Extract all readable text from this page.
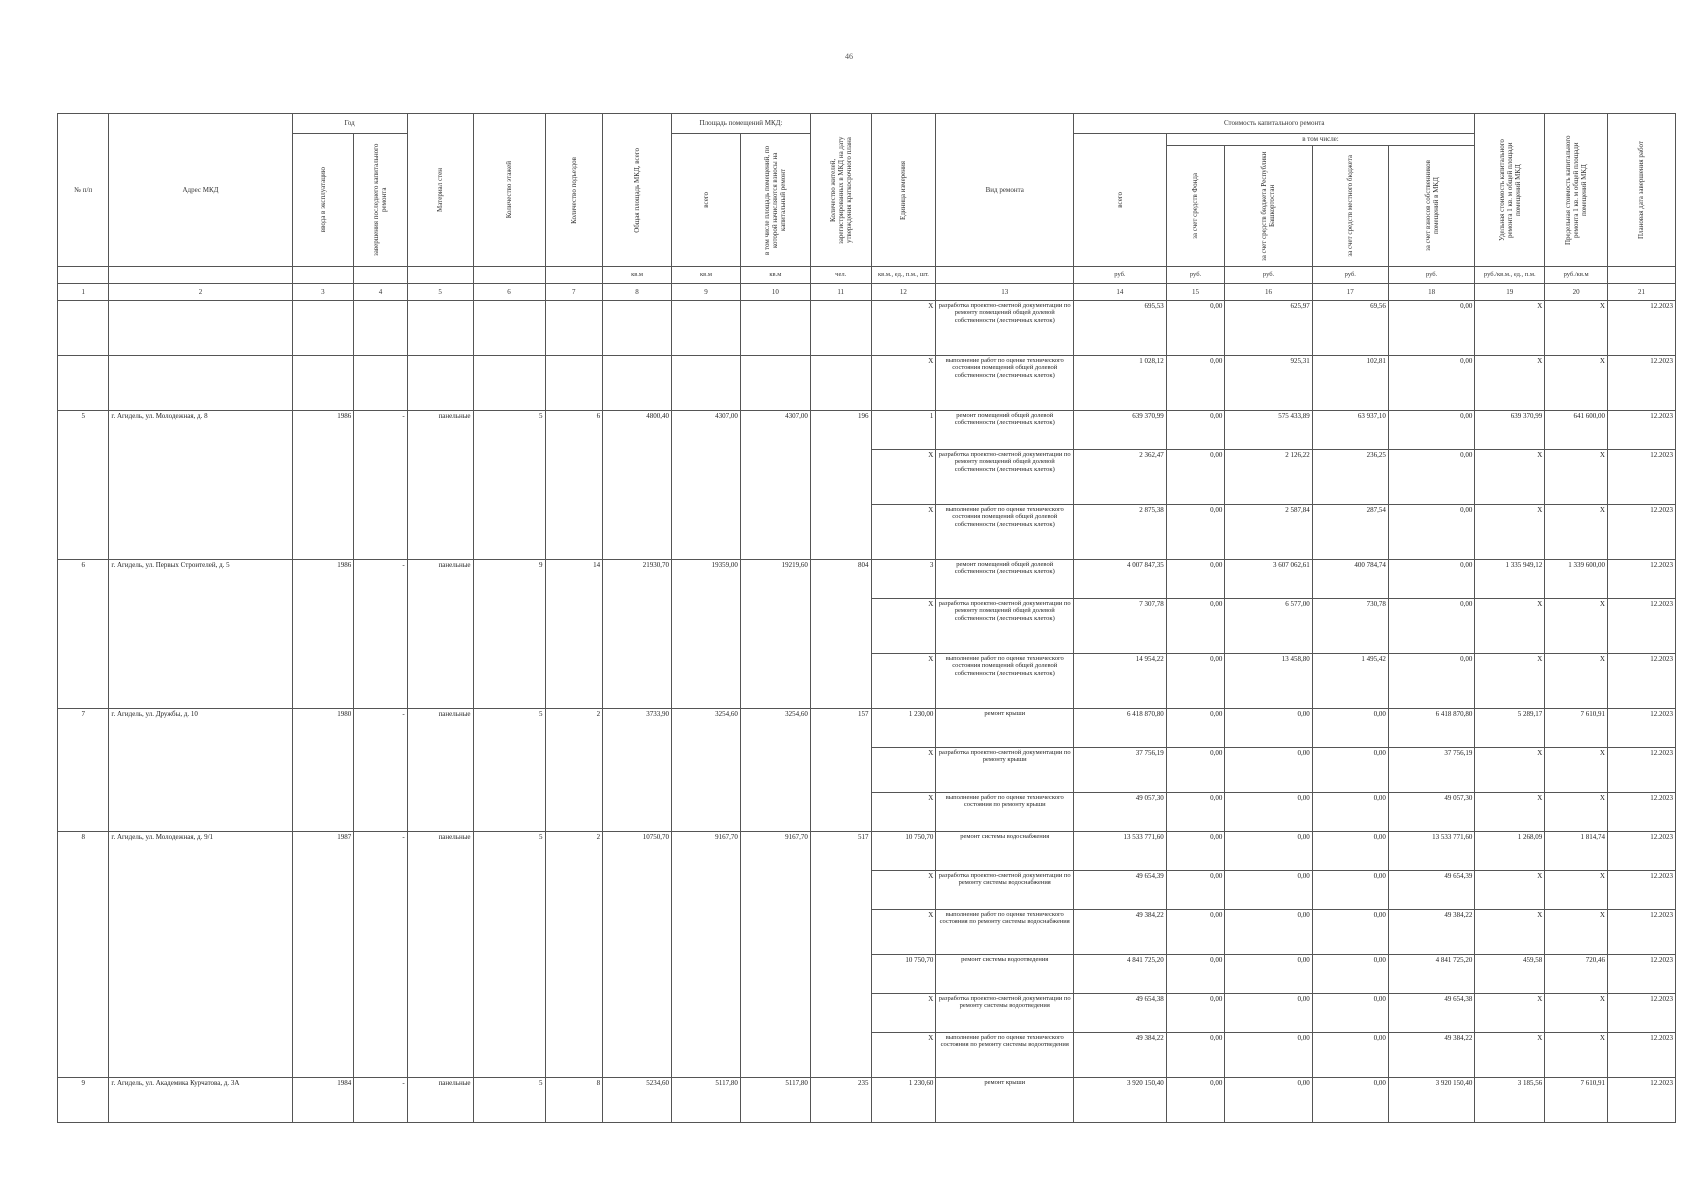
46
№ п/п	Адрес МКД	Год		Материал стен	Количество этажей	Количество подъездов	Общая площадь МКД, всего	Площадь помещений МКД:		Количество жителей, зарегистрированных в МКД на дату утверждения краткосрочного плана	Единица измерения	Вид ремонта	Стоимость капитального ремонта					Удельная стоимость капитального ремонта 1 кв. м общей площади помещений МКД	Предельная стоимость капитального ремонта 1 кв. м общей площади помещений МКД	Плановая дата завершения работ

		ввода в эксплуатацию	завершения последнего капитального ремонта					всего	в том числе площадь помещений, по которой начисляются взносы на капитальный ремонт				всего	в том числе:						

														за счет средств Фонда	за счет средств бюджета Республики Башкортостан	за счет средств местного бюджета	за счет взносов собственников помещений в МКД			

							кв.м	кв.м	кв.м	чел.	кв.м., ед., п.м., шт.		руб.	руб.	руб.	руб.	руб.	руб./кв.м., ед., п.м.	руб./кв.м	
1	2	3	4	5	6	7	8	9	10	11	12	13	14	15	16	17	18	19	20	21
											X	разработка проектно-сметной документации по ремонту помещений общей долевой собственности (лестничных клеток)	695,53	0,00	625,97	69,56	0,00	X	X	12.2023
											X	выполнение работ по оценке технического состояния помещений общей долевой собственности (лестничных клеток)	1 028,12	0,00	925,31	102,81	0,00	X	X	12.2023
5	г. Агидель, ул. Молодежная, д. 8	1986	-	панельные	5	6	4800,40	4307,00	4307,00	196	1	ремонт помещений общей долевой собственности (лестничных клеток)	639 370,99	0,00	575 433,89	63 937,10	0,00	639 370,99	641 600,00	12.2023
											X	разработка проектно-сметной документации по ремонту помещений общей долевой собственности (лестничных клеток)	2 362,47	0,00	2 126,22	236,25	0,00	X	X	12.2023
											X	выполнение работ по оценке технического состояния помещений общей долевой собственности (лестничных клеток)	2 875,38	0,00	2 587,84	287,54	0,00	X	X	12.2023
6	г. Агидель, ул. Первых Строителей, д. 5	1986	-	панельные	9	14	21930,70	19359,00	19219,60	804	3	ремонт помещений общей долевой собственности (лестничных клеток)	4 007 847,35	0,00	3 607 062,61	400 784,74	0,00	1 335 949,12	1 339 600,00	12.2023
											X	разработка проектно-сметной документации по ремонту помещений общей долевой собственности (лестничных клеток)	7 307,78	0,00	6 577,00	730,78	0,00	X	X	12.2023
											X	выполнение работ по оценке технического состояния помещений общей долевой собственности (лестничных клеток)	14 954,22	0,00	13 458,80	1 495,42	0,00	X	X	12.2023
7	г. Агидель, ул. Дружбы, д. 10	1980	-	панельные	5	2	3733,90	3254,60	3254,60	157	1 230,00	ремонт крыши	6 418 870,80	0,00	0,00	0,00	6 418 870,80	5 289,17	7 610,91	12.2023
											X	разработка проектно-сметной документации по ремонту крыши	37 756,19	0,00	0,00	0,00	37 756,19	X	X	12.2023
											X	выполнение работ по оценке технического состояния по ремонту крыши	49 057,30	0,00	0,00	0,00	49 057,30	X	X	12.2023
8	г. Агидель, ул. Молодежная, д. 9/1	1987	-	панельные	5	2	10750,70	9167,70	9167,70	517	10 750,70	ремонт системы водоснабжения	13 533 771,60	0,00	0,00	0,00	13 533 771,60	1 268,09	1 814,74	12.2023
											X	разработка проектно-сметной документации по ремонту системы водоснабжения	49 654,39	0,00	0,00	0,00	49 654,39	X	X	12.2023
											X	выполнение работ по оценке технического состояния по ремонту системы водоснабжения	49 384,22	0,00	0,00	0,00	49 384,22	X	X	12.2023
											10 750,70	ремонт системы водоотведения	4 841 725,20	0,00	0,00	0,00	4 841 725,20	459,58	720,46	12.2023
											X	разработка проектно-сметной документации по ремонту системы водоотведения	49 654,38	0,00	0,00	0,00	49 654,38	X	X	12.2023
											X	выполнение работ по оценке технического состояния по ремонту системы водоотведения	49 384,22	0,00	0,00	0,00	49 384,22	X	X	12.2023
9	г. Агидель, ул. Академика Курчатова, д. 3А	1984	-	панельные	5	8	5234,60	5117,80	5117,80	235	1 230,60	ремонт крыши	3 920 150,40	0,00	0,00	0,00	3 920 150,40	3 185,56	7 610,91	12.2023
